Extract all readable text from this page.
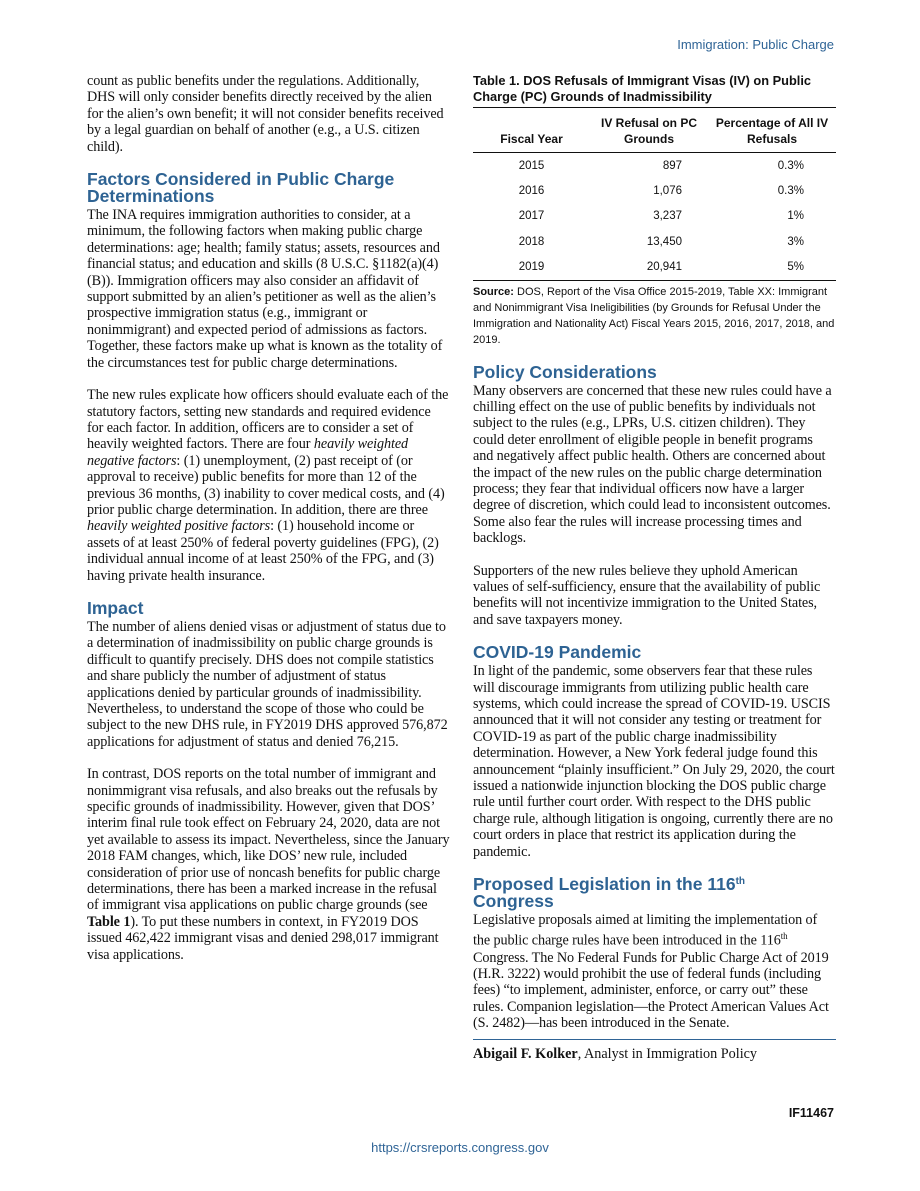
Immigration: Public Charge

count as public benefits under the regulations. Additionally, DHS will only consider benefits directly received by the alien for the alien’s own benefit; it will not consider benefits received by a legal guardian on behalf of another (e.g., a U.S. citizen child).

Factors Considered in Public Charge Determinations

The INA requires immigration authorities to consider, at a minimum, the following factors when making public charge determinations: age; health; family status; assets, resources and financial status; and education and skills (8 U.S.C. §1182(a)(4)(B)). Immigration officers may also consider an affidavit of support submitted by an alien’s petitioner as well as the alien’s prospective immigration status (e.g., immigrant or nonimmigrant) and expected period of admissions as factors. Together, these factors make up what is known as the totality of the circumstances test for public charge determinations.

The new rules explicate how officers should evaluate each of the statutory factors, setting new standards and required evidence for each factor. In addition, officers are to consider a set of heavily weighted factors. There are four heavily weighted negative factors: (1) unemployment, (2) past receipt of (or approval to receive) public benefits for more than 12 of the previous 36 months, (3) inability to cover medical costs, and (4) prior public charge determination. In addition, there are three heavily weighted positive factors: (1) household income or assets of at least 250% of federal poverty guidelines (FPG), (2) individual annual income of at least 250% of the FPG, and (3) having private health insurance.

Impact

The number of aliens denied visas or adjustment of status due to a determination of inadmissibility on public charge grounds is difficult to quantify precisely. DHS does not compile statistics and share publicly the number of adjustment of status applications denied by particular grounds of inadmissibility. Nevertheless, to understand the scope of those who could be subject to the new DHS rule, in FY2019 DHS approved 576,872 applications for adjustment of status and denied 76,215.

In contrast, DOS reports on the total number of immigrant and nonimmigrant visa refusals, and also breaks out the refusals by specific grounds of inadmissibility. However, given that DOS’ interim final rule took effect on February 24, 2020, data are not yet available to assess its impact. Nevertheless, since the January 2018 FAM changes, which, like DOS’ new rule, included consideration of prior use of noncash benefits for public charge determinations, there has been a marked increase in the refusal of immigrant visa applications on public charge grounds (see Table 1). To put these numbers in context, in FY2019 DOS issued 462,422 immigrant visas and denied 298,017 immigrant visa applications.

Table 1. DOS Refusals of Immigrant Visas (IV) on Public Charge (PC) Grounds of Inadmissibility
Fiscal Year	IV Refusal on PC Grounds	Percentage of All IV Refusals
2015	897	0.3%
2016	1,076	0.3%
2017	3,237	1%
2018	13,450	3%
2019	20,941	5%
Source: DOS, Report of the Visa Office 2015-2019, Table XX: Immigrant and Nonimmigrant Visa Ineligibilities (by Grounds for Refusal Under the Immigration and Nationality Act) Fiscal Years 2015, 2016, 2017, 2018, and 2019.
Policy Considerations

Many observers are concerned that these new rules could have a chilling effect on the use of public benefits by individuals not subject to the rules (e.g., LPRs, U.S. citizen children). They could deter enrollment of eligible people in benefit programs and negatively affect public health. Others are concerned about the impact of the new rules on the public charge determination process; they fear that individual officers now have a larger degree of discretion, which could lead to inconsistent outcomes. Some also fear the rules will increase processing times and backlogs.

Supporters of the new rules believe they uphold American values of self-sufficiency, ensure that the availability of public benefits will not incentivize immigration to the United States, and save taxpayers money.

COVID-19 Pandemic

In light of the pandemic, some observers fear that these rules will discourage immigrants from utilizing public health care systems, which could increase the spread of COVID-19. USCIS announced that it will not consider any testing or treatment for COVID-19 as part of the public charge inadmissibility determination. However, a New York federal judge found this announcement “plainly insufficient.” On July 29, 2020, the court issued a nationwide injunction blocking the DOS public charge rule until further court order. With respect to the DHS public charge rule, although litigation is ongoing, currently there are no court orders in place that restrict its application during the pandemic.

Proposed Legislation in the 116th
Congress

Legislative proposals aimed at limiting the implementation of the public charge rules have been introduced in the 116th Congress. The No Federal Funds for Public Charge Act of 2019 (H.R. 3222) would prohibit the use of federal funds (including fees) “to implement, administer, enforce, or carry out” these rules. Companion legislation—the Protect American Values Act (S. 2482)—has been introduced in the Senate.

Abigail F. Kolker, Analyst in Immigration Policy
IF11467
https://crsreports.congress.gov
